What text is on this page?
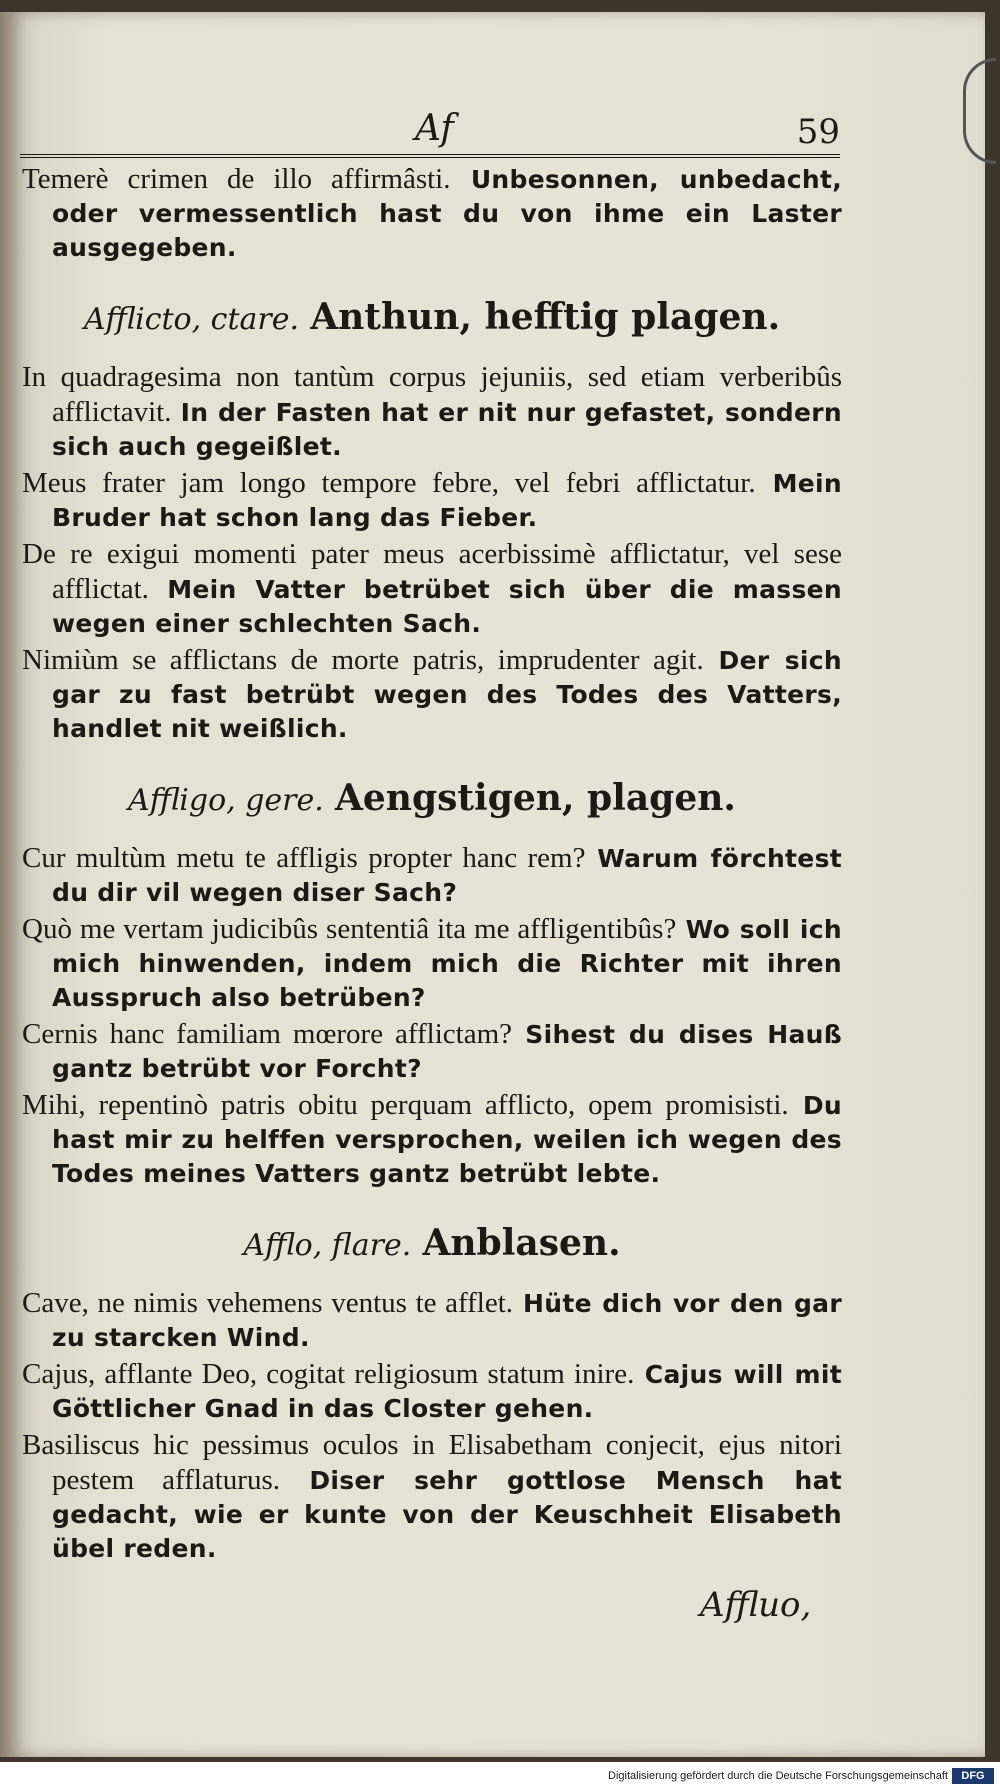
Af	59

Temerè crimen de illo affirmâsti. Unbesonnen, unbedacht, oder vermessentlich hast du von ihme ein Laster ausgegeben.

Afflicto, ctare. Anthun, hefftig plagen.

In quadragesima non tantùm corpus jejuniis, sed etiam verberibûs afflictavit. In der Fasten hat er nit nur gefastet, sondern sich auch gegeißlet.

Meus frater jam longo tempore febre, vel febri afflictatur. Mein Bruder hat schon lang das Fieber.

De re exigui momenti pater meus acerbissimè afflictatur, vel sese afflictat. Mein Vatter betrübet sich über die massen wegen einer schlechten Sach.

Nimiùm se afflictans de morte patris, imprudenter agit. Der sich gar zu fast betrübt wegen des Todes des Vatters, handlet nit weißlich.

Affligo, gere. Aengstigen, plagen.

Cur multùm metu te affligis propter hanc rem? Warum förchtest du dir vil wegen diser Sach?

Quò me vertam judicibûs sententiâ ita me affligentibûs? Wo soll ich mich hinwenden, indem mich die Richter mit ihren Ausspruch also betrüben?

Cernis hanc familiam mœrore afflictam? Sihest du dises Hauß gantz betrübt vor Forcht?

Mihi, repentinò patris obitu perquam afflicto, opem promisisti. Du hast mir zu helffen versprochen, weilen ich wegen des Todes meines Vatters gantz betrübt lebte.

Afflo, flare. Anblasen.

Cave, ne nimis vehemens ventus te afflet. Hüte dich vor den gar zu starcken Wind.

Cajus, afflante Deo, cogitat religiosum statum inire. Cajus will mit Göttlicher Gnad in das Closter gehen.

Basiliscus hic pessimus oculos in Elisabetham conjecit, ejus nitori pestem afflaturus. Diser sehr gottlose Mensch hat gedacht, wie er kunte von der Keuschheit Elisabeth übel reden.

Affluo,
Digitalisierung gefördert durch die Deutsche Forschungsgemeinschaft	DFG
